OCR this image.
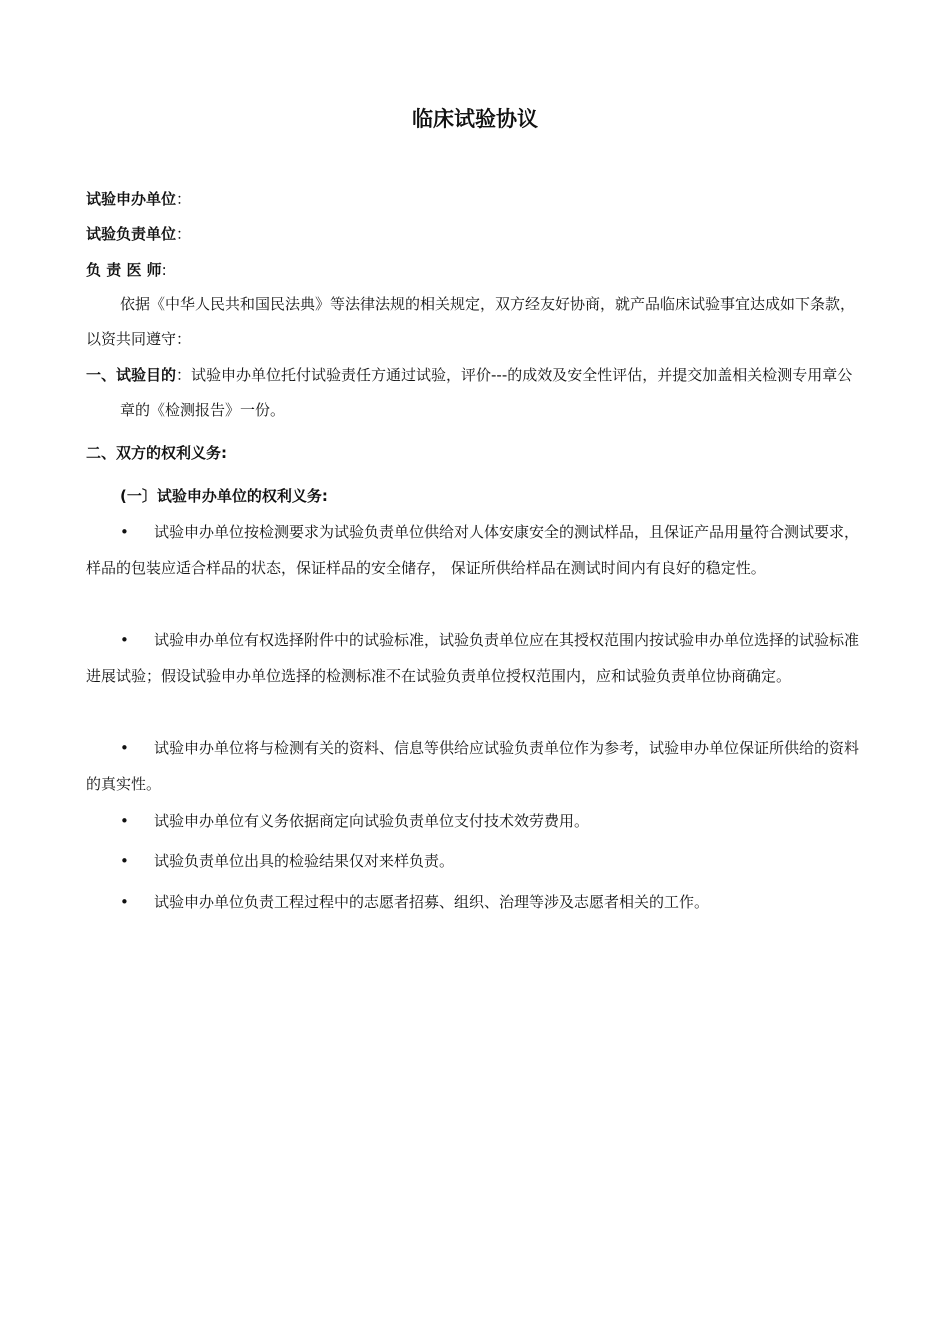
临床试验协议
试验申办单位：
试验负责单位：
负 责 医 师:
依据《中华人民共和国民法典》等法律法规的相关规定，双方经友好协商，就产品临床试验事宜达成如下条款，以资共同遵守：
一、试验目的：试验申办单位托付试验责任方通过试验，评价---的成效及安全性评估，并提交加盖相关检测专用章公章的《检测报告》一份。
二、双方的权利义务:
(一〕试验申办单位的权利义务:
• 试验申办单位按检测要求为试验负责单位供给对人体安康安全的测试样品，且保证产品用量符合测试要求，样品的包装应适合样品的状态，保证样品的安全储存， 保证所供给样品在测试时间内有良好的稳定性。
• 试验申办单位有权选择附件中的试验标准，试验负责单位应在其授权范围内按试验申办单位选择的试验标准进展试验；假设试验申办单位选择的检测标准不在试验负责单位授权范围内，应和试验负责单位协商确定。
• 试验申办单位将与检测有关的资料、信息等供给应试验负责单位作为参考，试验申办单位保证所供给的资料的真实性。
• 试验申办单位有义务依据商定向试验负责单位支付技术效劳费用。
• 试验负责单位出具的检验结果仅对来样负责。
• 试验申办单位负责工程过程中的志愿者招募、组织、治理等涉及志愿者相关的工作。
